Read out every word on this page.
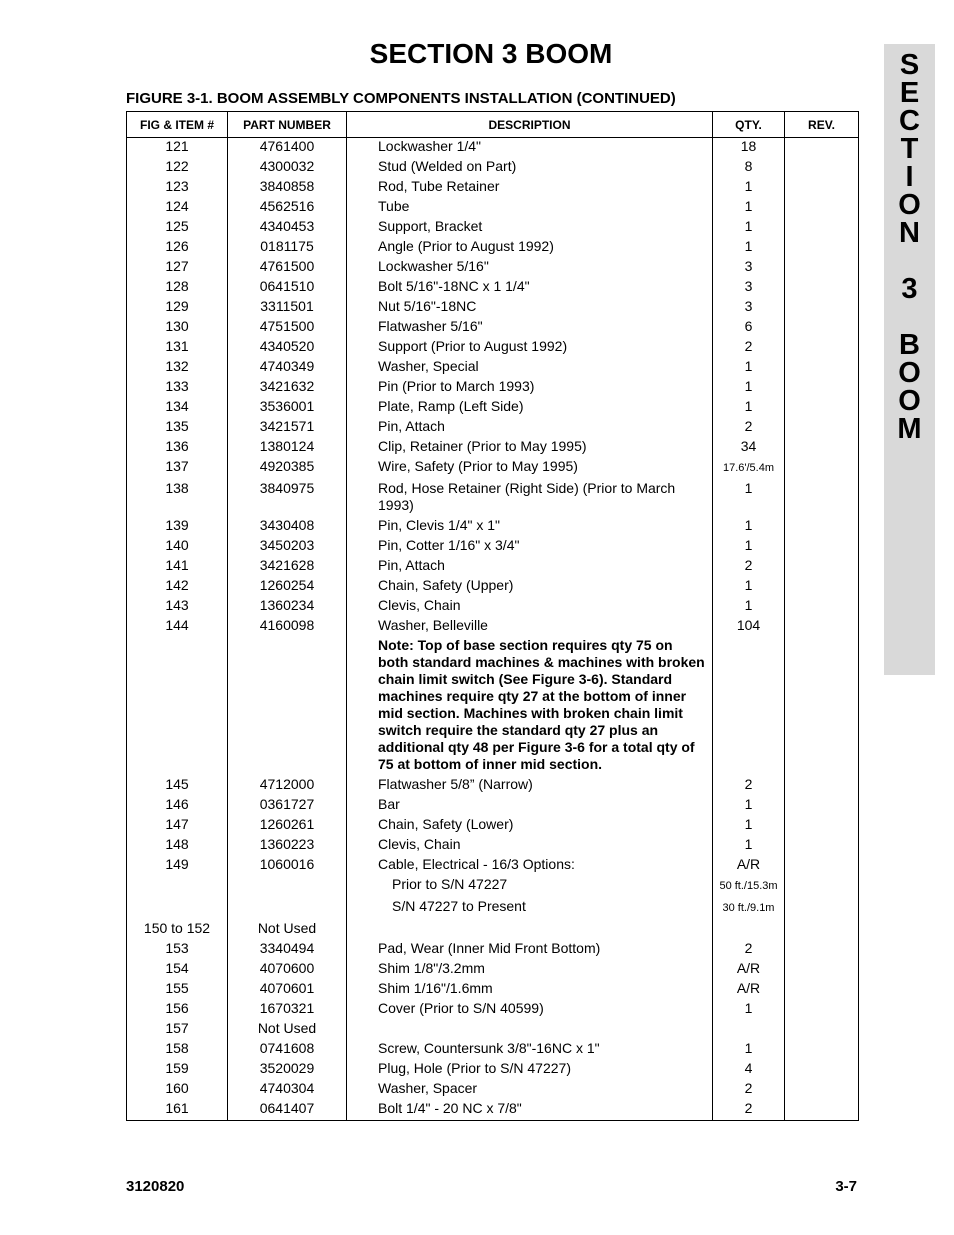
SECTION 3 BOOM	S
E
C
T
I
O
N
3
B
O
O
M
FIGURE 3-1. BOOM ASSEMBLY COMPONENTS INSTALLATION (CONTINUED)
FIG & ITEM #	PART NUMBER	DESCRIPTION	QTY.	REV.
121	4761400	Lockwasher 1/4"	18	
122	4300032	Stud (Welded on Part)	8	
123	3840858	Rod, Tube Retainer	1	
124	4562516	Tube	1	
125	4340453	Support, Bracket	1	
126	0181175	Angle (Prior to August 1992)	1	
127	4761500	Lockwasher 5/16"	3	
128	0641510	Bolt 5/16"-18NC x 1 1/4"	3	
129	3311501	Nut 5/16"-18NC	3	
130	4751500	Flatwasher 5/16"	6	
131	4340520	Support (Prior to August 1992)	2	
132	4740349	Washer, Special	1	
133	3421632	Pin (Prior to March 1993)	1	
134	3536001	Plate, Ramp (Left Side)	1	
135	3421571	Pin, Attach	2	
136	1380124	Clip, Retainer (Prior to May 1995)	34	
137	4920385	Wire, Safety (Prior to May 1995)	17.6'/5.4m	
138	3840975	Rod, Hose Retainer (Right Side) (Prior to March 1993)	1	
139	3430408	Pin, Clevis 1/4" x 1"	1	
140	3450203	Pin, Cotter 1/16" x 3/4"	1	
141	3421628	Pin, Attach	2	
142	1260254	Chain, Safety (Upper)	1	
143	1360234	Clevis, Chain	1	
144	4160098	Washer, Belleville	104	

		Note: Top of base section requires qty 75 on both standard machines & machines with broken chain limit switch (See Figure 3-6). Standard machines require qty 27 at the bottom of inner mid section. Machines with broken chain limit switch require the standard qty 27 plus an additional qty 48 per Figure 3-6 for a total qty of 75 at bottom of inner mid section.		

145	4712000	Flatwasher 5/8” (Narrow)	2	
146	0361727	Bar	1	
147	1260261	Chain, Safety (Lower)	1	
148	1360223	Clevis, Chain	1	
149	1060016	Cable, Electrical - 16/3 Options:	A/R	

		Prior to S/N 47227	50 ft./15.3m	

		S/N 47227 to Present	30 ft./9.1m	
150 to 152	Not Used	

153	3340494	Pad, Wear (Inner Mid Front Bottom)	2	
154	4070600	Shim 1/8"/3.2mm	A/R	
155	4070601	Shim 1/16"/1.6mm	A/R	
156	1670321	Cover (Prior to S/N 40599)	1	
157	Not Used	

158	0741608	Screw, Countersunk 3/8"-16NC x 1"	1	
159	3520029	Plug, Hole (Prior to S/N 47227)	4	
160	4740304	Washer, Spacer	2	
161	0641407	Bolt 1/4" - 20 NC x 7/8"	2	
3120820	3-7
